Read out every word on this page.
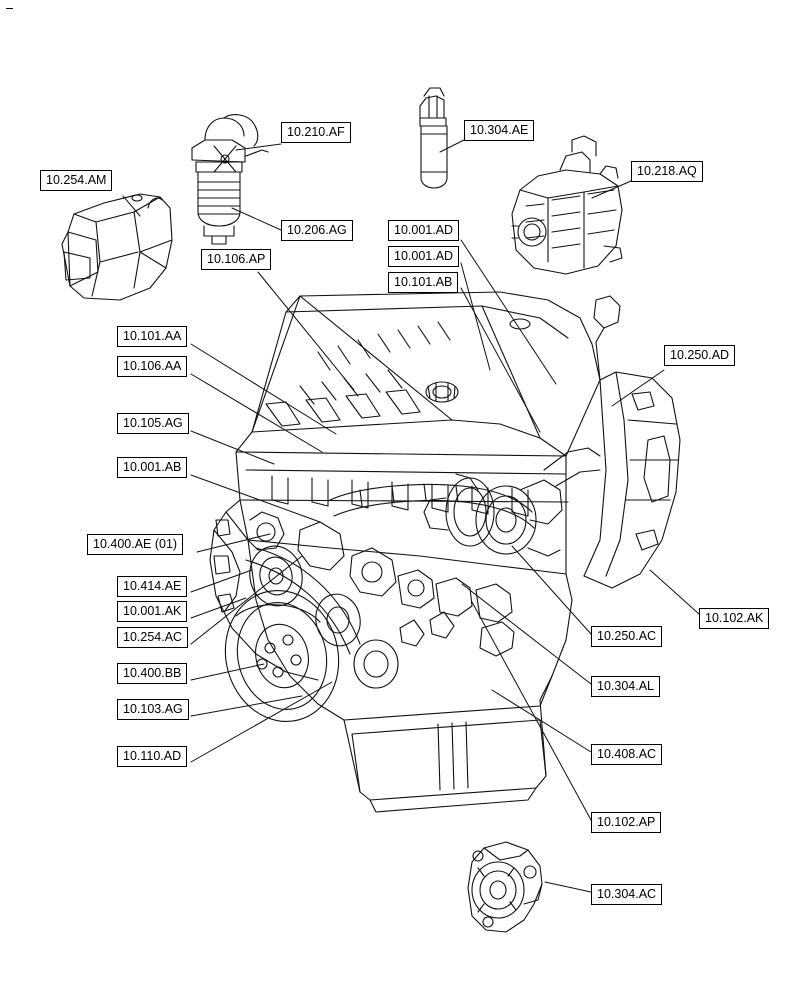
10.254.AM
10.210.AF	10.304.AE
10.218.AQ
10.206.AG	10.001.AD
10.001.AD
10.101.AB
10.106.AP
10.250.AD
10.101.AA
10.106.AA
10.105.AG
10.001.AB
10.400.AE (01)
10.414.AE
10.001.AK
10.254.AC
10.400.BB
10.103.AG
10.110.AD
10.102.AK
10.250.AC
10.304.AL
10.408.AC
10.102.AP
10.304.AC
